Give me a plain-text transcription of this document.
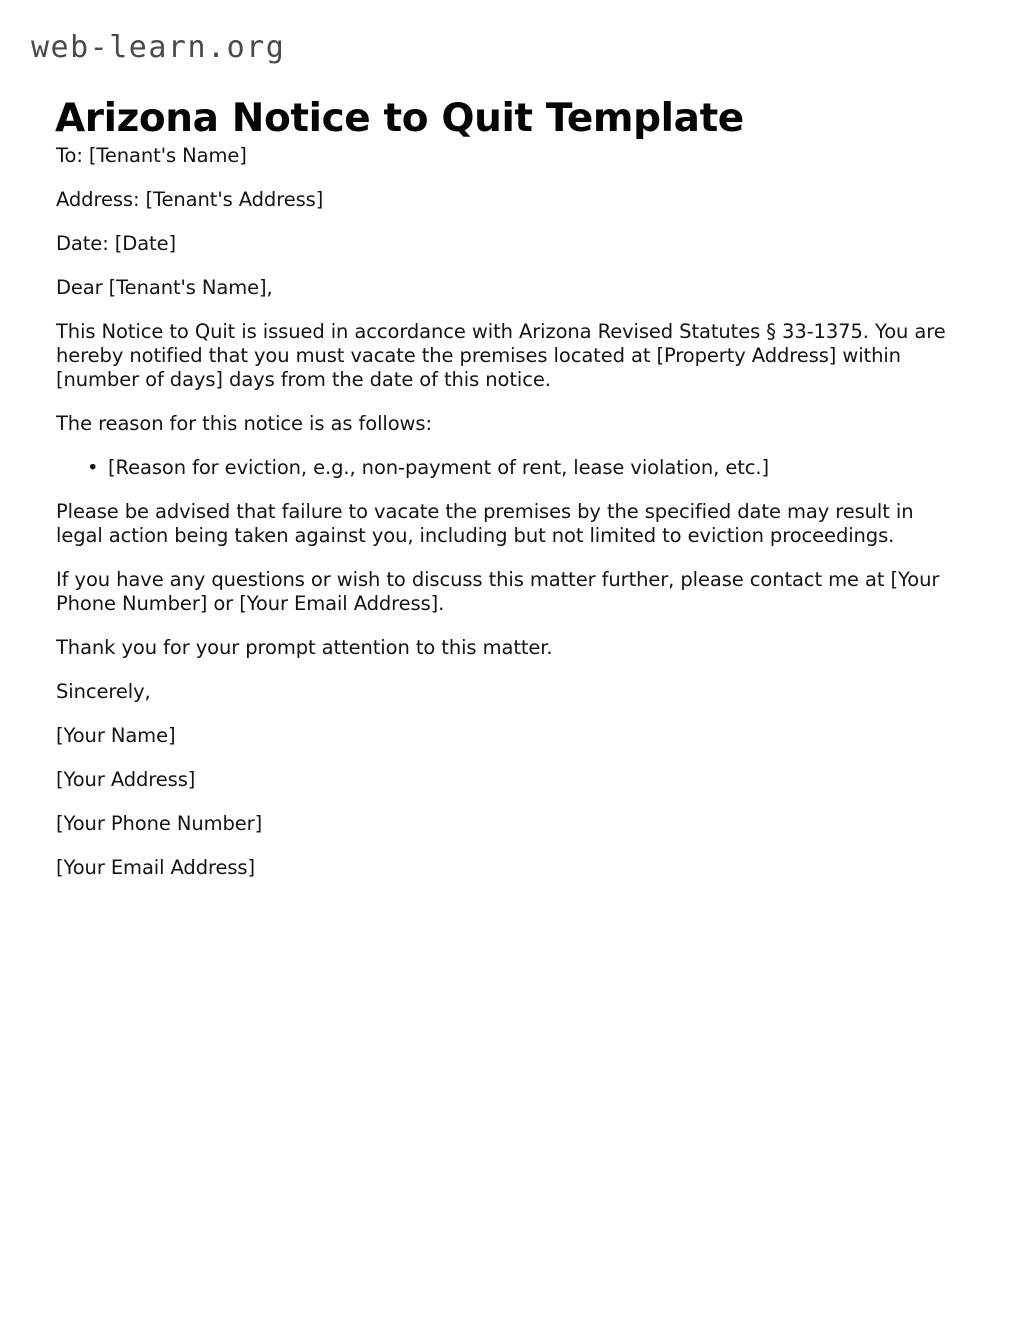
web-learn.org
Arizona Notice to Quit Template

To: [Tenant's Name]

Address: [Tenant's Address]

Date: [Date]

Dear [Tenant's Name],

This Notice to Quit is issued in accordance with Arizona Revised Statutes § 33-1375. You are hereby notified that you must vacate the premises located at [Property Address] within [number of days] days from the date of this notice.

The reason for this notice is as follows:

• [Reason for eviction, e.g., non-payment of rent, lease violation, etc.]

Please be advised that failure to vacate the premises by the specified date may result in legal action being taken against you, including but not limited to eviction proceedings.

If you have any questions or wish to discuss this matter further, please contact me at [Your Phone Number] or [Your Email Address].

Thank you for your prompt attention to this matter.

Sincerely,

[Your Name]

[Your Address]

[Your Phone Number]

[Your Email Address]
